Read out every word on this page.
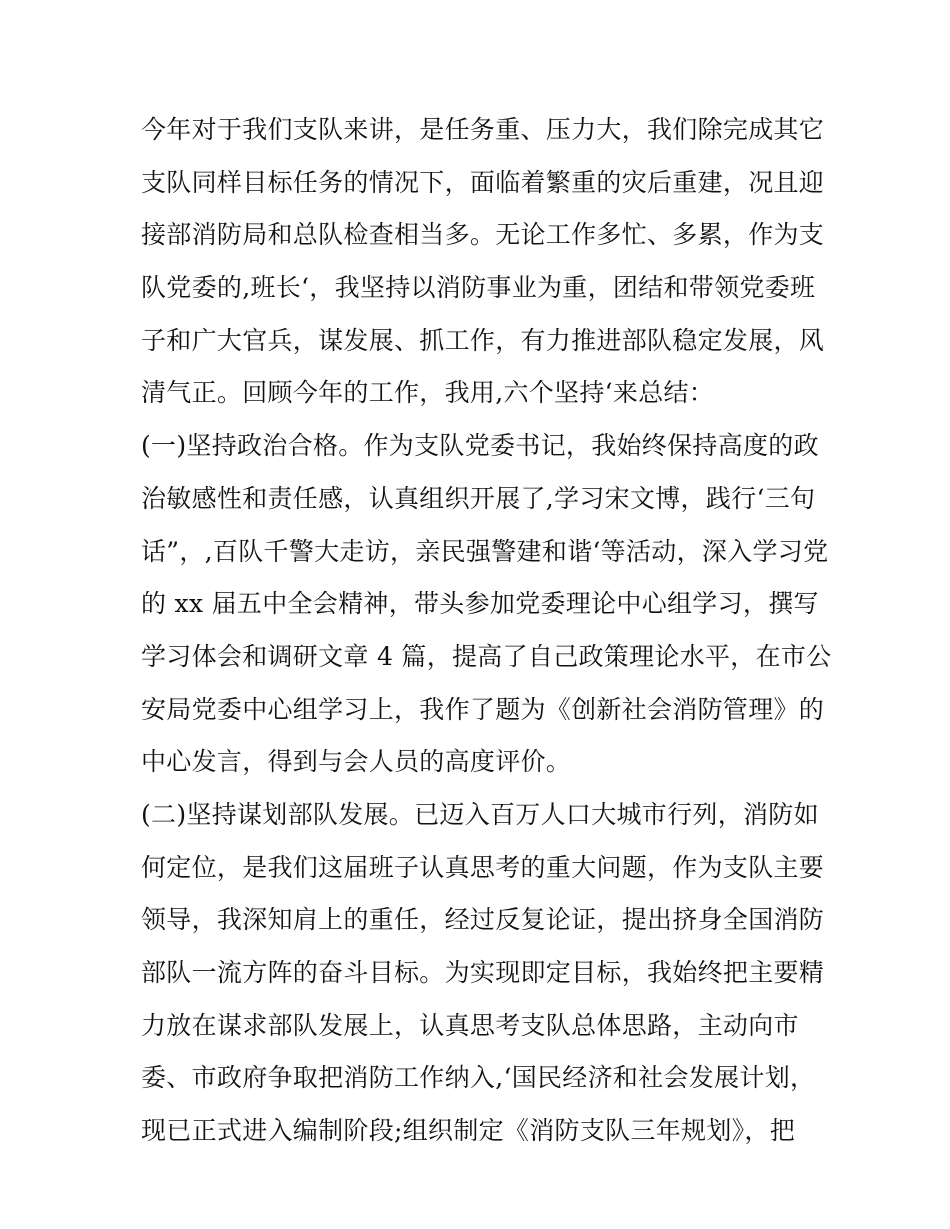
今年对于我们支队来讲，是任务重、压力大，我们除完成其它
支队同样目标任务的情况下，面临着繁重的灾后重建，况且迎
接部消防局和总队检查相当多。无论工作多忙、多累，作为支
队党委的,班长‘，我坚持以消防事业为重，团结和带领党委班
子和广大官兵，谋发展、抓工作，有力推进部队稳定发展，风
清气正。回顾今年的工作，我用,六个坚持‘来总结：
(一)坚持政治合格。作为支队党委书记，我始终保持高度的政
治敏感性和责任感，认真组织开展了,学习宋文博，践行‘三句
话”，,百队千警大走访，亲民强警建和谐‘等活动，深入学习党
的 xx 届五中全会精神，带头参加党委理论中心组学习，撰写
学习体会和调研文章 4 篇，提高了自己政策理论水平，在市公
安局党委中心组学习上，我作了题为《创新社会消防管理》的
中心发言，得到与会人员的高度评价。
(二)坚持谋划部队发展。已迈入百万人口大城市行列，消防如
何定位，是我们这届班子认真思考的重大问题，作为支队主要
领导，我深知肩上的重任，经过反复论证，提出挤身全国消防
部队一流方阵的奋斗目标。为实现即定目标，我始终把主要精
力放在谋求部队发展上，认真思考支队总体思路，主动向市
委、市政府争取把消防工作纳入,‘国民经济和社会发展计划，
现已正式进入编制阶段;组织制定《消防支队三年规划》，把
